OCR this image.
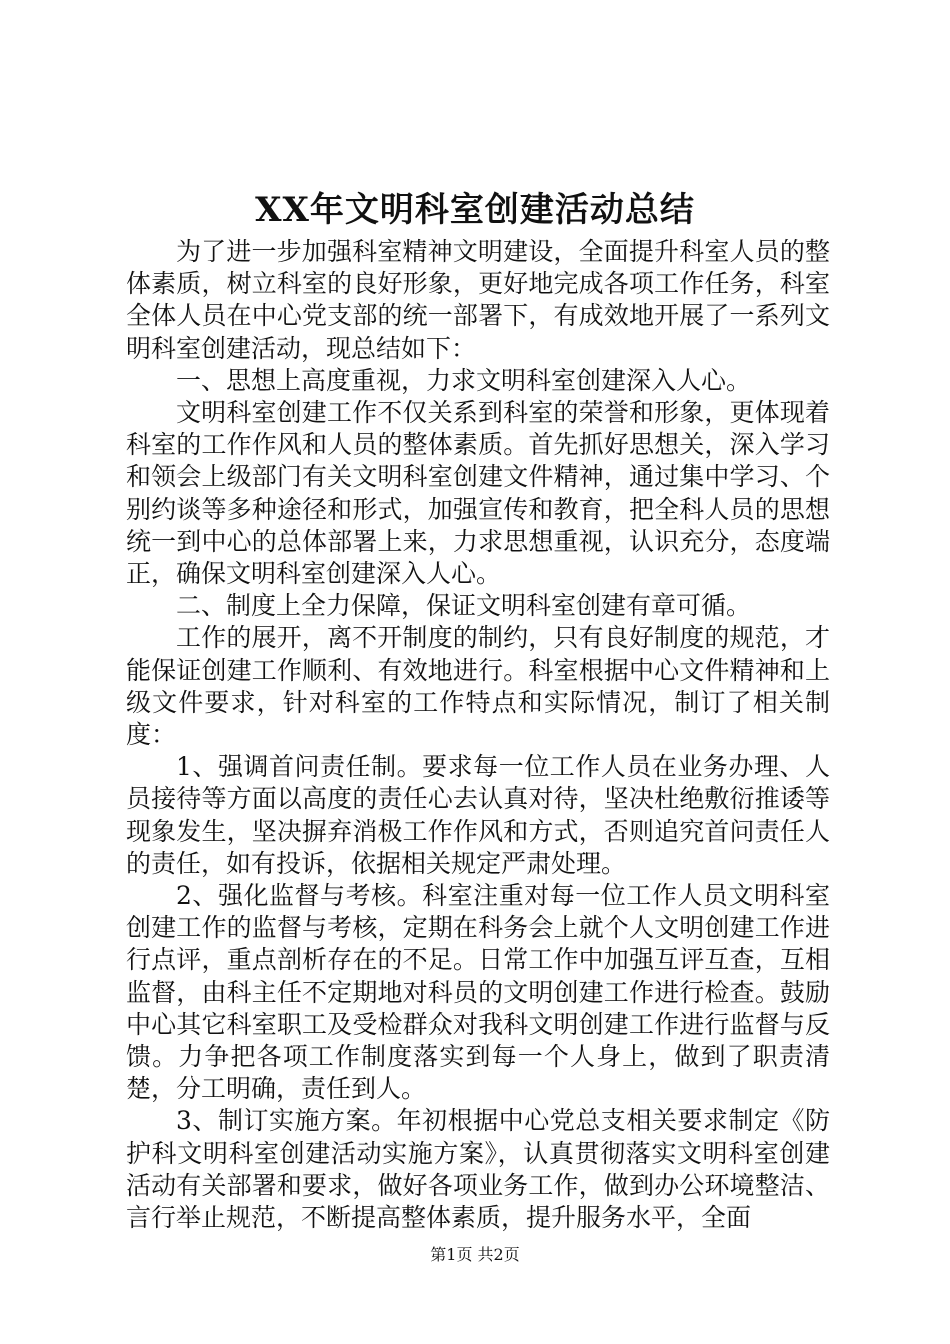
XX年文明科室创建活动总结

为了进一步加强科室精神文明建设，全面提升科室人员的整体素质，树立科室的良好形象，更好地完成各项工作任务，科室全体人员在中心党支部的统一部署下，有成效地开展了一系列文明科室创建活动，现总结如下：

一、思想上高度重视，力求文明科室创建深入人心。

文明科室创建工作不仅关系到科室的荣誉和形象，更体现着科室的工作作风和人员的整体素质。首先抓好思想关，深入学习和领会上级部门有关文明科室创建文件精神，通过集中学习、个别约谈等多种途径和形式，加强宣传和教育，把全科人员的思想统一到中心的总体部署上来，力求思想重视，认识充分，态度端正，确保文明科室创建深入人心。

二、制度上全力保障，保证文明科室创建有章可循。

工作的展开，离不开制度的制约，只有良好制度的规范，才能保证创建工作顺利、有效地进行。科室根据中心文件精神和上级文件要求，针对科室的工作特点和实际情况，制订了相关制度：

1、强调首问责任制。要求每一位工作人员在业务办理、人员接待等方面以高度的责任心去认真对待，坚决杜绝敷衍推诿等现象发生，坚决摒弃消极工作作风和方式，否则追究首问责任人的责任，如有投诉，依据相关规定严肃处理。

2、强化监督与考核。科室注重对每一位工作人员文明科室创建工作的监督与考核，定期在科务会上就个人文明创建工作进行点评，重点剖析存在的不足。日常工作中加强互评互查，互相监督，由科主任不定期地对科员的文明创建工作进行检查。鼓励中心其它科室职工及受检群众对我科文明创建工作进行监督与反馈。力争把各项工作制度落实到每一个人身上，做到了职责清楚，分工明确，责任到人。

3、制订实施方案。年初根据中心党总支相关要求制定《防护科文明科室创建活动实施方案》，认真贯彻落实文明科室创建活动有关部署和要求，做好各项业务工作，做到办公环境整洁、言行举止规范，不断提高整体素质，提升服务水平，全面

第1页 共2页
